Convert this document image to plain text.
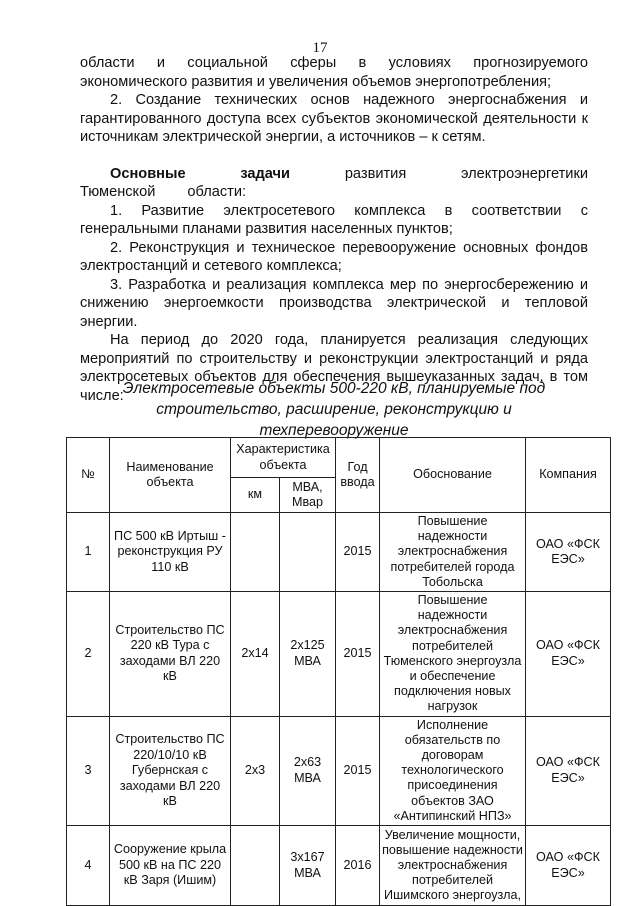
17

области и социальной сферы в условиях прогнозируемого экономического развития и увеличения объемов энергопотребления;

2. Создание технических основ надежного энергоснабжения и гарантированного доступа всех субъектов экономической деятельности к источникам электрической энергии, а источников – к сетям.

Основные задачи развития электроэнергетики Тюменской области:

1. Развитие электросетевого комплекса в соответствии с генеральными планами развития населенных пунктов;

2. Реконструкция и техническое перевооружение основных фондов электростанций и сетевого комплекса;

3. Разработка и реализация комплекса мер по энергосбережению и снижению энергоемкости производства электрической и тепловой энергии.

На период до 2020 года, планируется реализация следующих мероприятий по строительству и реконструкции электростанций и ряда электросетевых объектов для обеспечения вышеуказанных задач, в том числе: Электросетевые объекты 500-220 кВ, планируемые под строительство, расширение, реконструкцию и техперевооружение
№	Наименование объекта	Характеристика объекта		Год ввода	Обоснование	Компания
		км	МВА, Мвар			
1	ПС 500 кВ Иртыш - реконструкция РУ 110 кВ			2015	Повышение надежности электроснабжения потребителей города Тобольска	ОАО «ФСК ЕЭС»
2	Строительство ПС 220 кВ Тура с заходами ВЛ 220 кВ	2х14	2х125 МВА	2015	Повышение надежности электроснабжения потребителей Тюменского энергоузла и обеспечение подключения новых нагрузок	ОАО «ФСК ЕЭС»
3	Строительство ПС 220/10/10 кВ Губернская с заходами ВЛ 220 кВ	2х3	2х63 МВА	2015	Исполнение обязательств по договорам технологического присоединения объектов ЗАО «Антипинский НПЗ»	ОАО «ФСК ЕЭС»
4	Сооружение крыла 500 кВ на ПС 220 кВ Заря (Ишим)		3х167 МВА	2016	Увеличение мощности, повышение надежности электроснабжения потребителей Ишимского энергоузла,	ОАО «ФСК ЕЭС»
